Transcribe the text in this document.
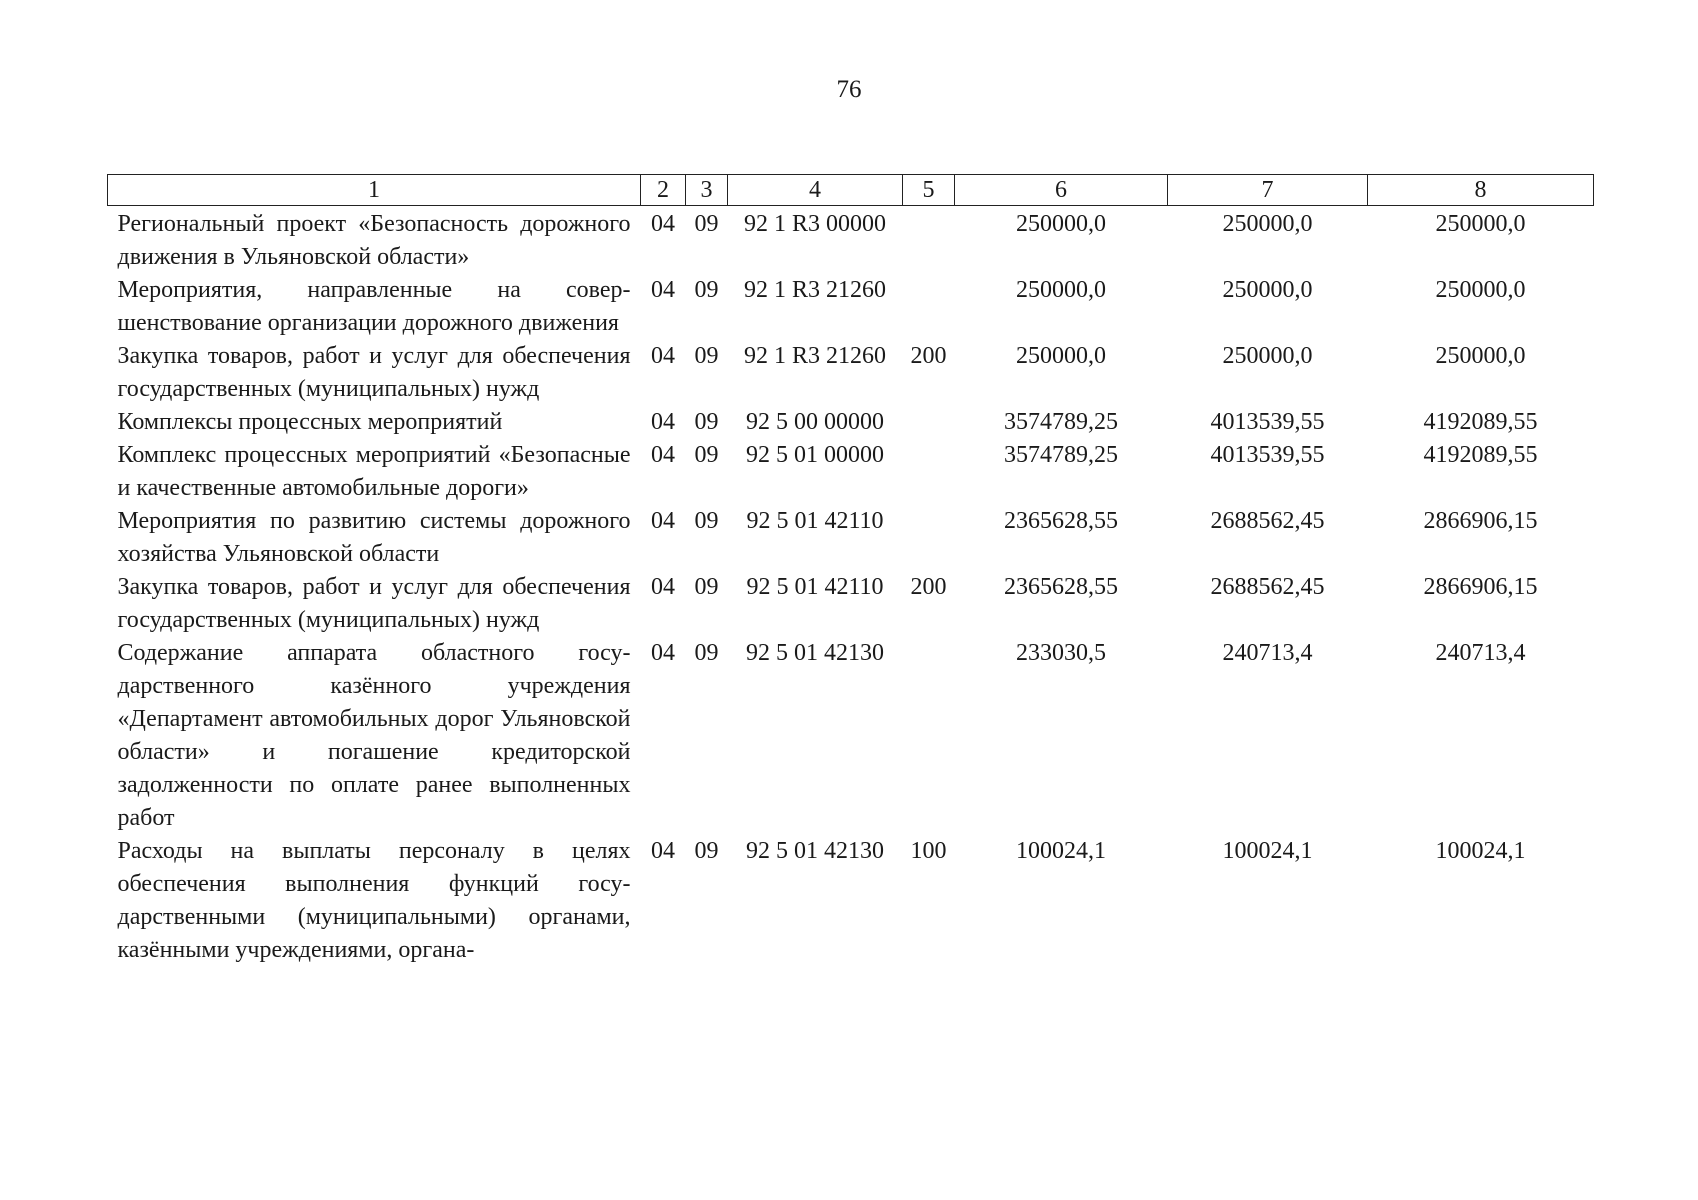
76
1	2	3	4	5	6	7	8
Региональный проект «Безопасность дорожного движения в Ульяновской области»	04	09	92 1 R3 00000		250000,0	250000,0	250000,0
Мероприятия, направленные на совершенствование организации дорожного движения	04	09	92 1 R3 21260		250000,0	250000,0	250000,0
Закупка товаров, работ и услуг для обеспечения государственных (муниципальных) нужд	04	09	92 1 R3 21260	200	250000,0	250000,0	250000,0
Комплексы процессных мероприятий	04	09	92 5 00 00000		3574789,25	4013539,55	4192089,55
Комплекс процессных мероприятий «Безопасные и качественные автомобильные дороги»	04	09	92 5 01 00000		3574789,25	4013539,55	4192089,55
Мероприятия по развитию системы дорожного хозяйства Ульяновской области	04	09	92 5 01 42110		2365628,55	2688562,45	2866906,15
Закупка товаров, работ и услуг для обеспечения государственных (муниципальных) нужд	04	09	92 5 01 42110	200	2365628,55	2688562,45	2866906,15
Содержание аппарата областного государственного казённого учреждения «Департамент автомобильных дорог Ульяновской области» и погашение кредиторской задолженности по оплате ранее выполненных работ	04	09	92 5 01 42130		233030,5	240713,4	240713,4
Расходы на выплаты персоналу в целях обеспечения выполнения функций государственными (муниципальными) органами, казёнными учреждениями, органа-	04	09	92 5 01 42130	100	100024,1	100024,1	100024,1
